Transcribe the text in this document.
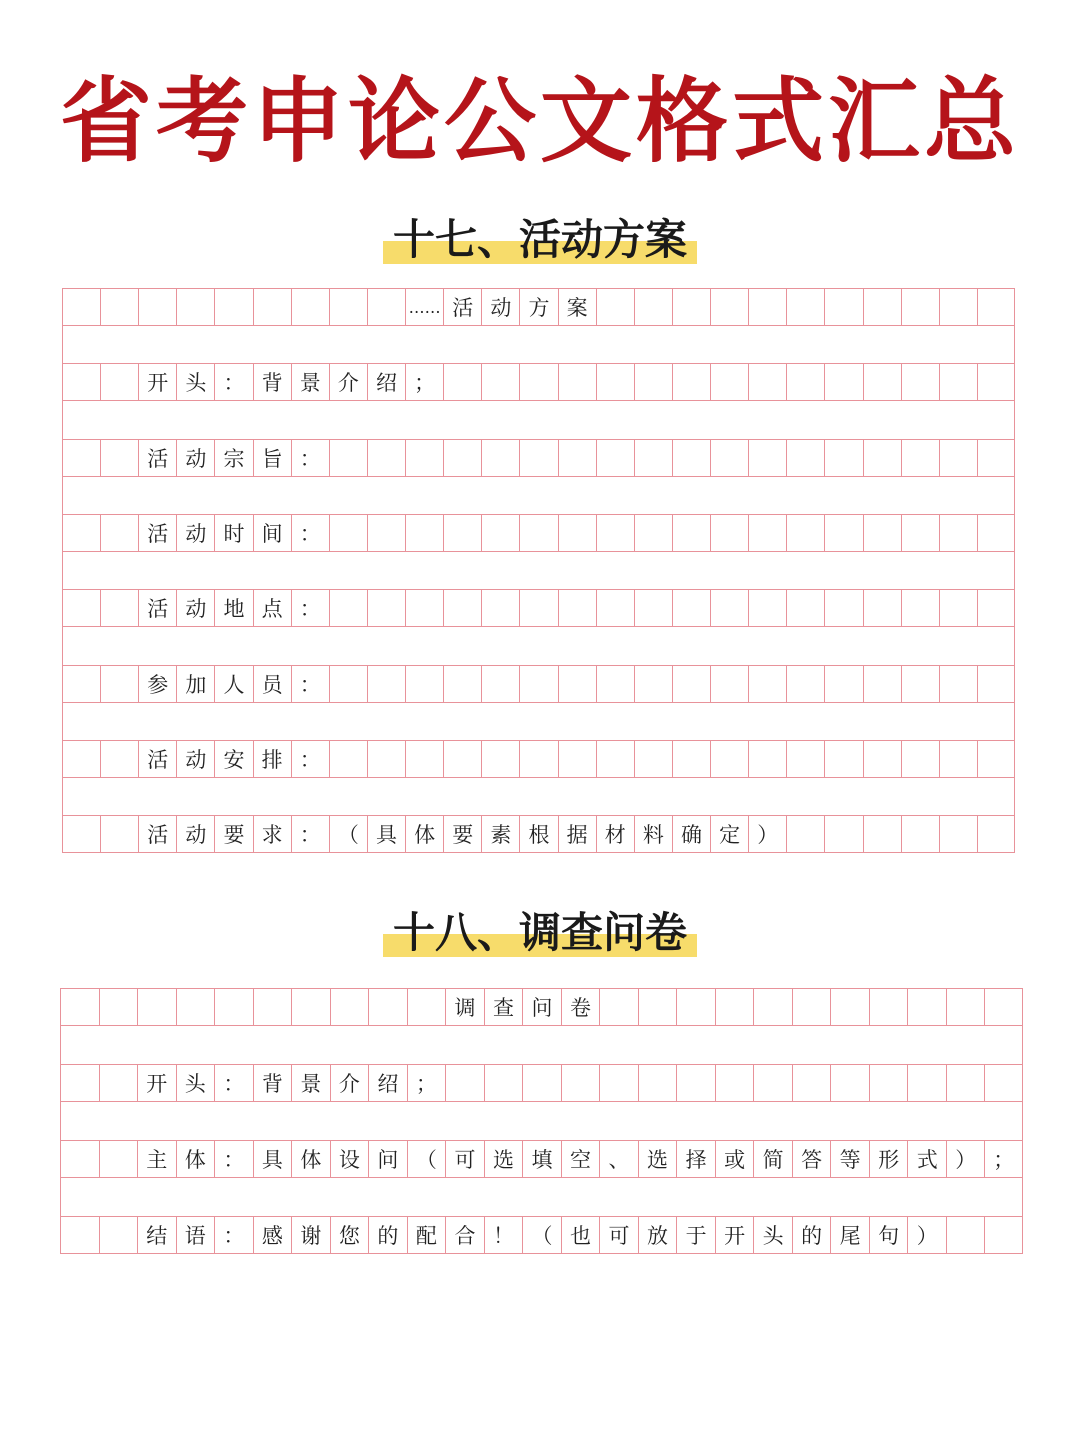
省考申论公文格式汇总
十七、活动方案
…… 活 动 方 案
开 头 ： 背 景 介 绍 ；
活 动 宗 旨 ：
活 动 时 间 ：
活 动 地 点 ：
参 加 人 员 ：
活 动 安 排 ：
活 动 要 求 ： （ 具 体 要 素 根 据 材 料 确 定 ）
十八、调查问卷
调 查 问 卷
开 头 ： 背 景 介 绍 ；
主 体 ： 具 体 设 问 （ 可 选 填 空 、 选 择 或 简 答 等 形 式 ） ；
结 语 ： 感 谢 您 的 配 合 ！ （ 也 可 放 于 开 头 的 尾 句 ）
